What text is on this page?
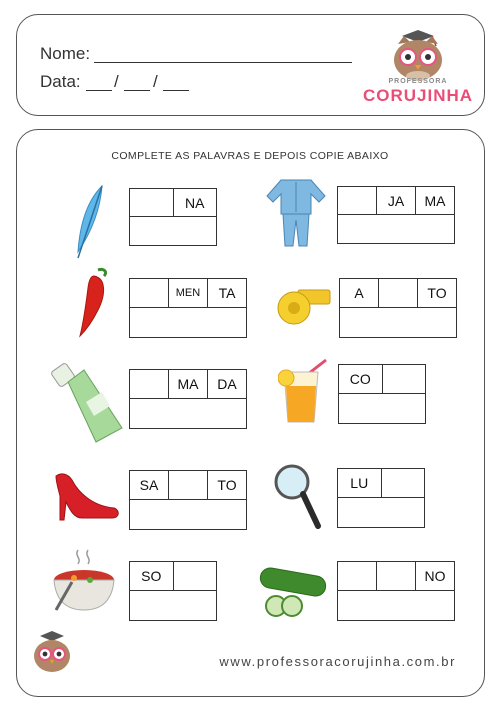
Nome:
Data: / /	PROFESSORA
CORUJINHA
COMPLETE AS PALAVRAS E DEPOIS COPIE ABAIXO
NA	JA	MA
MEN	TA	A	TO
MA	DA	CO
SA	TO	LU
SO	NO
www.professoracorujinha.com.br
